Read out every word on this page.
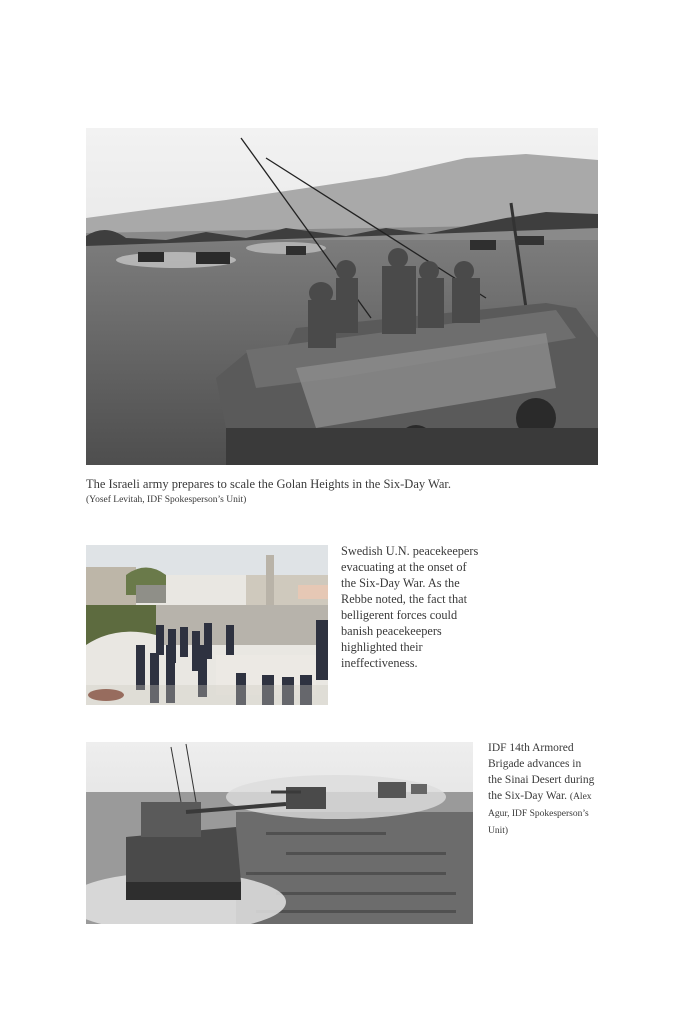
The Israeli army prepares to scale the Golan Heights in the Six-Day War.
(Yosef Levitah, IDF Spokesperson’s Unit)
Swedish U.N. peacekeepers evacuating at the onset of the Six-Day War. As the Rebbe noted, the fact that belligerent forces could banish peacekeepers highlighted their ineffectiveness.
IDF 14th Armored Brigade advances in the Sinai Desert during the Six-Day War. (Alex Agur, IDF Spokesperson’s Unit)
